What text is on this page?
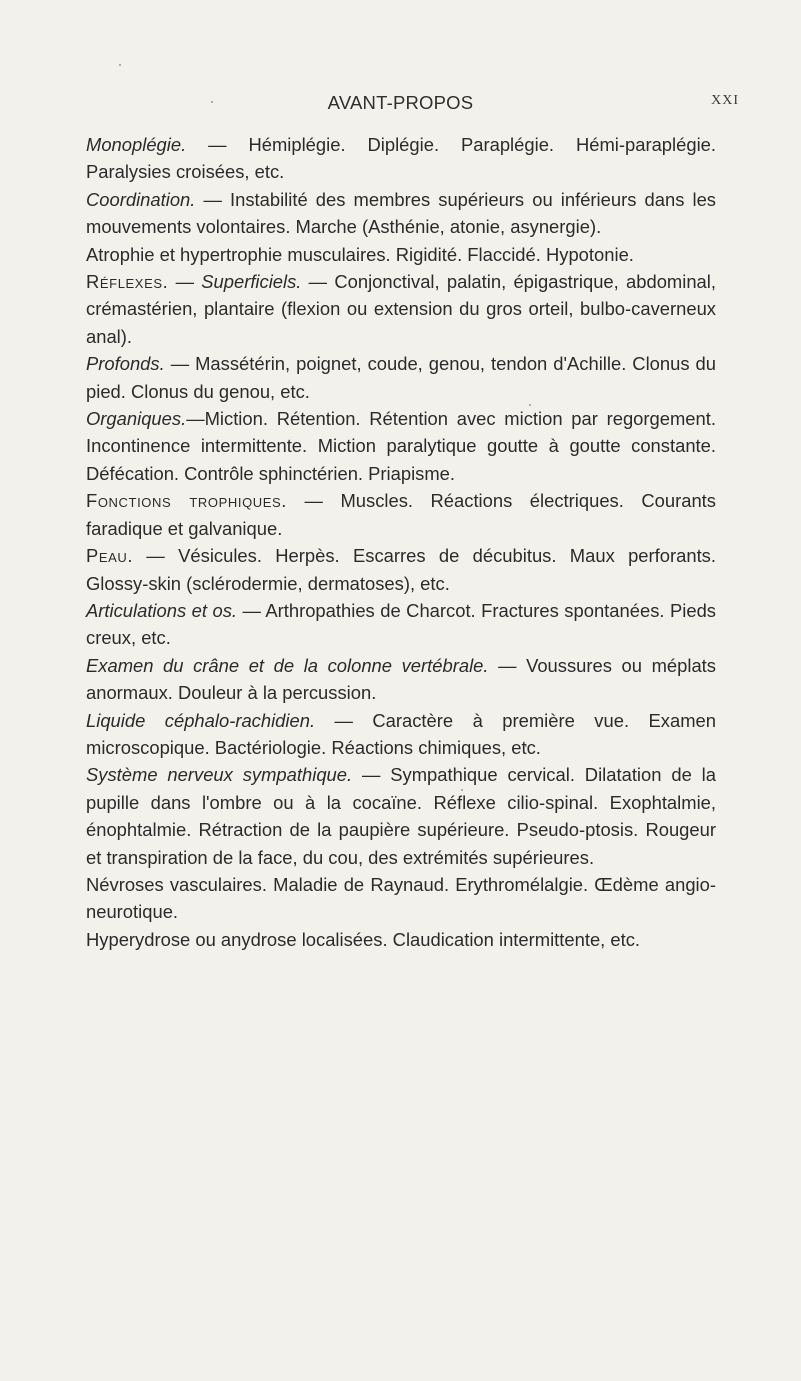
AVANT-PROPOS	XXI

Monoplégie. — Hémiplégie. Diplégie. Paraplégie. Hémi-paraplégie. Paralysies croisées, etc.

Coordination. — Instabilité des membres supérieurs ou inférieurs dans les mouvements volontaires. Marche (Asthénie, atonie, asynergie).

Atrophie et hypertrophie musculaires. Rigidité. Flaccidé. Hypotonie.

Réflexes. — Superficiels. — Conjonctival, palatin, épigastrique, abdominal, crémastérien, plantaire (flexion ou extension du gros orteil, bulbo-caverneux anal).

Profonds. — Massétérin, poignet, coude, genou, tendon d'Achille. Clonus du pied. Clonus du genou, etc.

Organiques.—Miction. Rétention. Rétention avec miction par regorgement. Incontinence intermittente. Miction paralytique goutte à goutte constante. Défécation. Contrôle sphinctérien. Priapisme.

Fonctions trophiques. — Muscles. Réactions électriques. Courants faradique et galvanique.

Peau. — Vésicules. Herpès. Escarres de décubitus. Maux perforants. Glossy-skin (sclérodermie, dermatoses), etc.

Articulations et os. — Arthropathies de Charcot. Fractures spontanées. Pieds creux, etc.

Examen du crâne et de la colonne vertébrale. — Voussures ou méplats anormaux. Douleur à la percussion.

Liquide céphalo-rachidien. — Caractère à première vue. Examen microscopique. Bactériologie. Réactions chimiques, etc.

Système nerveux sympathique. — Sympathique cervical. Dilatation de la pupille dans l'ombre ou à la cocaïne. Réflexe cilio-spinal. Exophtalmie, énophtalmie. Rétraction de la paupière supérieure. Pseudo-ptosis. Rougeur et transpiration de la face, du cou, des extrémités supérieures.

Névroses vasculaires. Maladie de Raynaud. Erythromélalgie. Œdème angio-neurotique.

Hyperydrose ou anydrose localisées. Claudication intermittente, etc.
